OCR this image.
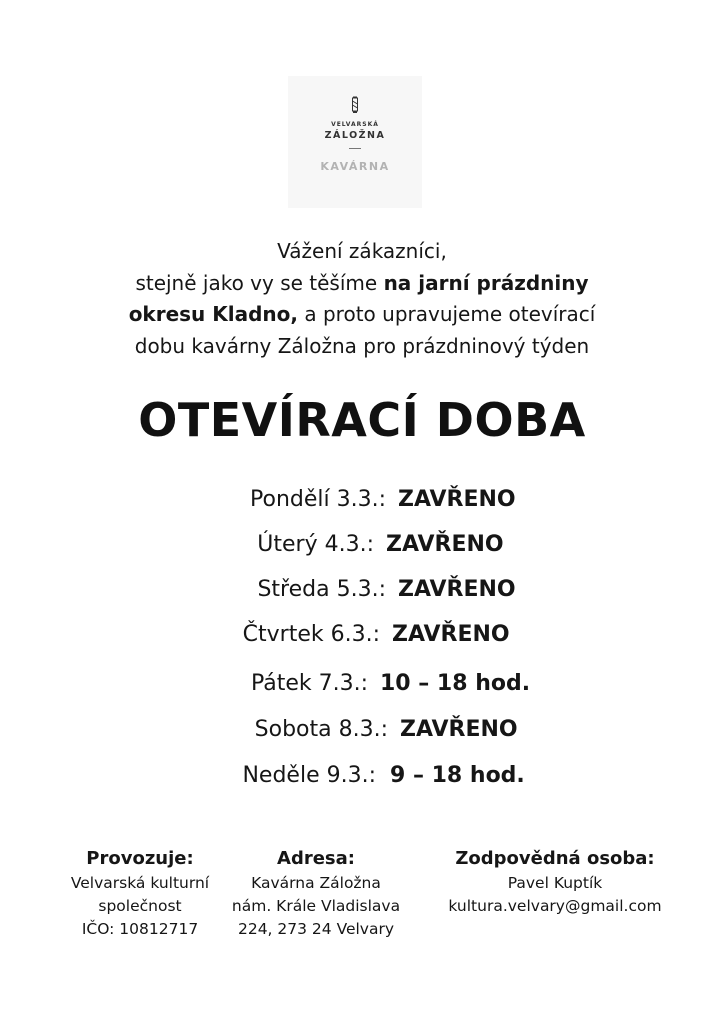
VELVARSKÁ
ZÁLOŽNA
KAVÁRNA
Vážení zákazníci,
stejně jako vy se těšíme na jarní prázdniny
okresu Kladno, a proto upravujeme otevírací
dobu kavárny Záložna pro prázdninový týden
OTEVÍRACÍ DOBA
Pondělí 3.3.: ZAVŘENO
Úterý 4.3.: ZAVŘENO
Středa 5.3.: ZAVŘENO
Čtvrtek 6.3.: ZAVŘENO
Pátek 7.3.: 10 – 18 hod.
Sobota 8.3.: ZAVŘENO
Neděle 9.3.: 9 – 18 hod.
Provozuje:
Velvarská kulturní
společnost
IČO: 10812717
Adresa:
Kavárna Záložna
nám. Krále Vladislava
224, 273 24 Velvary
Zodpovědná osoba:
Pavel Kuptík
kultura.velvary@gmail.com
